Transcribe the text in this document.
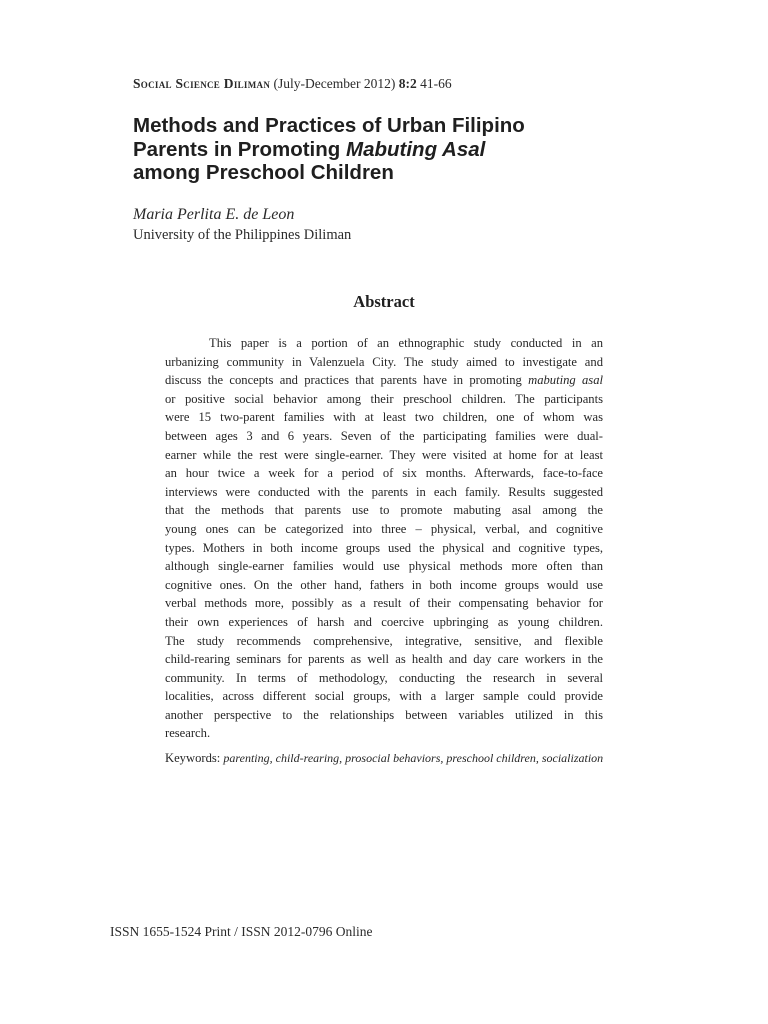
Social Science Diliman (July-December 2012) 8:2 41-66
Methods and Practices of Urban Filipino
Parents in Promoting Mabuting Asal
among Preschool Children
Maria Perlita E. de Leon
University of the Philippines Diliman
Abstract
This paper is a portion of an ethnographic study conducted in an
urbanizing community in Valenzuela City. The study aimed to investigate and
discuss the concepts and practices that parents have in promoting mabuting asal
or positive social behavior among their preschool children. The participants
were 15 two-parent families with at least two children, one of whom was
between ages 3 and 6 years. Seven of the participating families were dual-
earner while the rest were single-earner. They were visited at home for at least
an hour twice a week for a period of six months. Afterwards, face-to-face
interviews were conducted with the parents in each family. Results suggested
that the methods that parents use to promote mabuting asal among the
young ones can be categorized into three – physical, verbal, and cognitive
types. Mothers in both income groups used the physical and cognitive types,
although single-earner families would use physical methods more often than
cognitive ones. On the other hand, fathers in both income groups would use
verbal methods more, possibly as a result of their compensating behavior for
their own experiences of harsh and coercive upbringing as young children.
The study recommends comprehensive, integrative, sensitive, and flexible
child-rearing seminars for parents as well as health and day care workers in the
community. In terms of methodology, conducting the research in several
localities, across different social groups, with a larger sample could provide
another perspective to the relationships between variables utilized in this
research.
Keywords: parenting, child-rearing, prosocial behaviors, preschool children, socialization
ISSN 1655-1524 Print / ISSN 2012-0796 Online
